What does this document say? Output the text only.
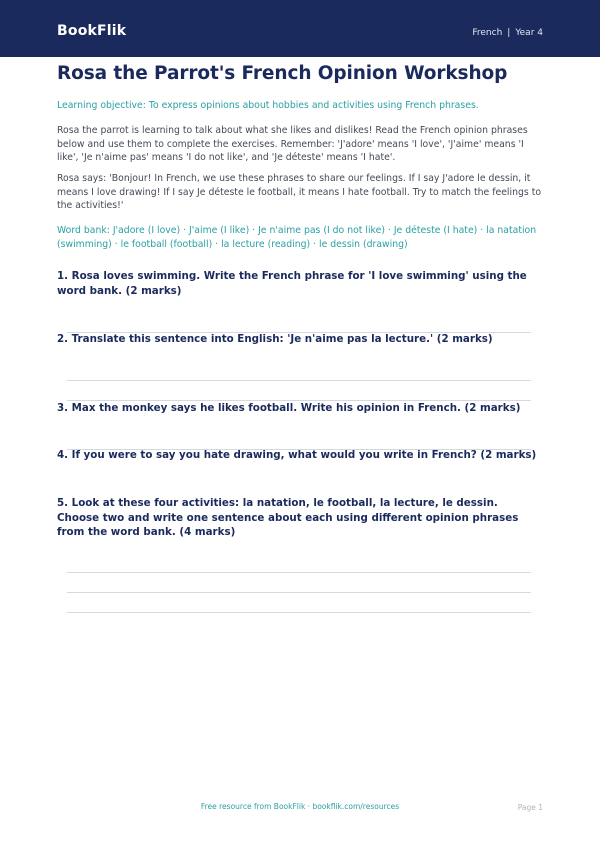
BookFlik	French | Year 4
Rosa the Parrot's French Opinion Workshop
Learning objective: To express opinions about hobbies and activities using French phrases.
Rosa the parrot is learning to talk about what she likes and dislikes! Read the French opinion phrases below and use them to complete the exercises. Remember: 'J'adore' means 'I love', 'J'aime' means 'I like', 'Je n'aime pas' means 'I do not like', and 'Je déteste' means 'I hate'.
Rosa says: 'Bonjour! In French, we use these phrases to share our feelings. If I say J'adore le dessin, it means I love drawing! If I say Je déteste le football, it means I hate football. Try to match the feelings to the activities!'
Word bank: J'adore (I love) · J'aime (I like) · Je n'aime pas (I do not like) · Je déteste (I hate) · la natation (swimming) · le football (football) · la lecture (reading) · le dessin (drawing)
1. Rosa loves swimming. Write the French phrase for 'I love swimming' using the word bank. (2 marks)
2. Translate this sentence into English: 'Je n'aime pas la lecture.' (2 marks)
3. Max the monkey says he likes football. Write his opinion in French. (2 marks)
4. If you were to say you hate drawing, what would you write in French? (2 marks)
5. Look at these four activities: la natation, le football, la lecture, le dessin. Choose two and write one sentence about each using different opinion phrases from the word bank. (4 marks)
Free resource from BookFlik · bookflik.com/resources	Page 1
